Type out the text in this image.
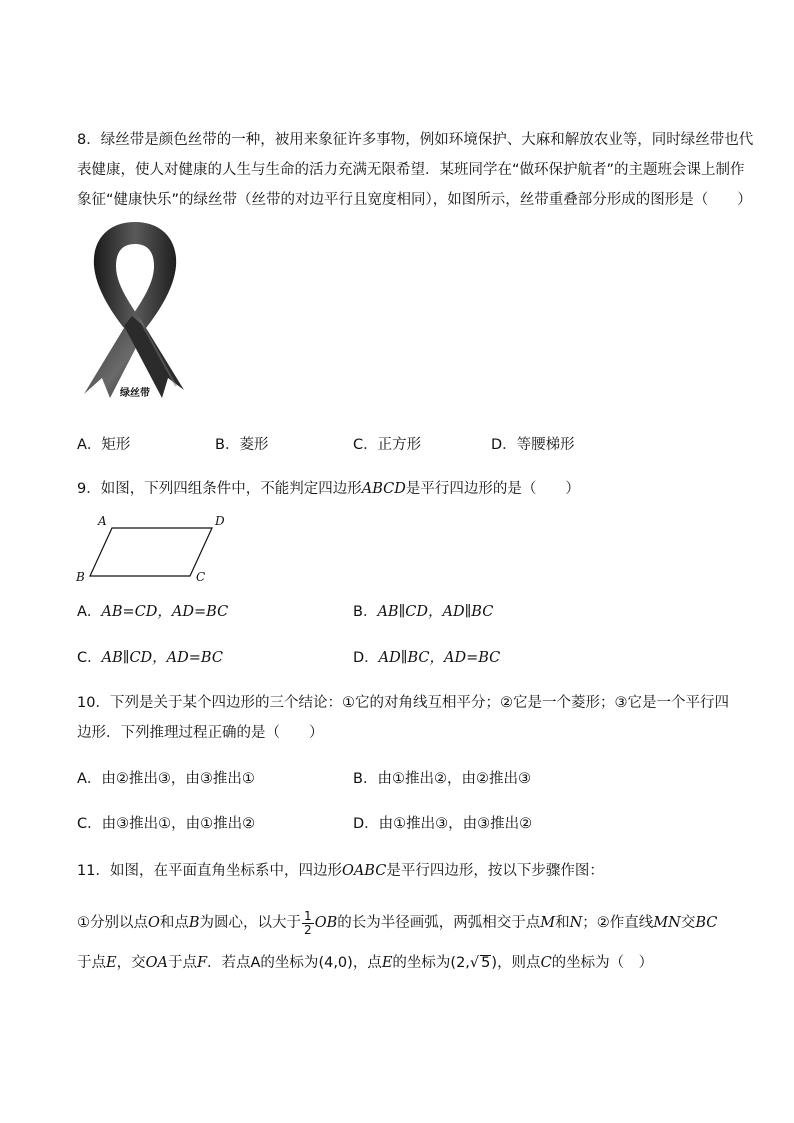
8．绿丝带是颜色丝带的一种，被用来象征许多事物，例如环境保护、大麻和解放农业等，同时绿丝带也代
表健康，使人对健康的人生与生命的活力充满无限希望．某班同学在“做环保护航者”的主题班会课上制作
象征“健康快乐”的绿丝带（丝带的对边平行且宽度相同），如图所示，丝带重叠部分形成的图形是（　　）
绿丝带
A．矩形	B．菱形	C．正方形	D．等腰梯形
9．如图，下列四组条件中，不能判定四边形ABCD是平行四边形的是（　　）
A	D
B	C
A．AB=CD，AD=BC	B．AB∥CD，AD∥BC
C．AB∥CD，AD=BC	D．AD∥BC，AD=BC
10．下列是关于某个四边形的三个结论：①它的对角线互相平分；②它是一个菱形；③它是一个平行四
边形．下列推理过程正确的是（　　）
A．由②推出③，由③推出①	B．由①推出②，由②推出③
C．由③推出①，由①推出②	D．由①推出③，由③推出②
11．如图，在平面直角坐标系中，四边形OABC是平行四边形，按以下步骤作图：
①分别以点O和点B为圆心，以大于 $\frac{1}{2}$ OB的长为半径画弧，两弧相交于点M和N；②作直线MN交BC
于点E，交OA于点F．若点A的坐标为(4,0)，点E的坐标为(2,√ 5)，则点C的坐标为（　）
